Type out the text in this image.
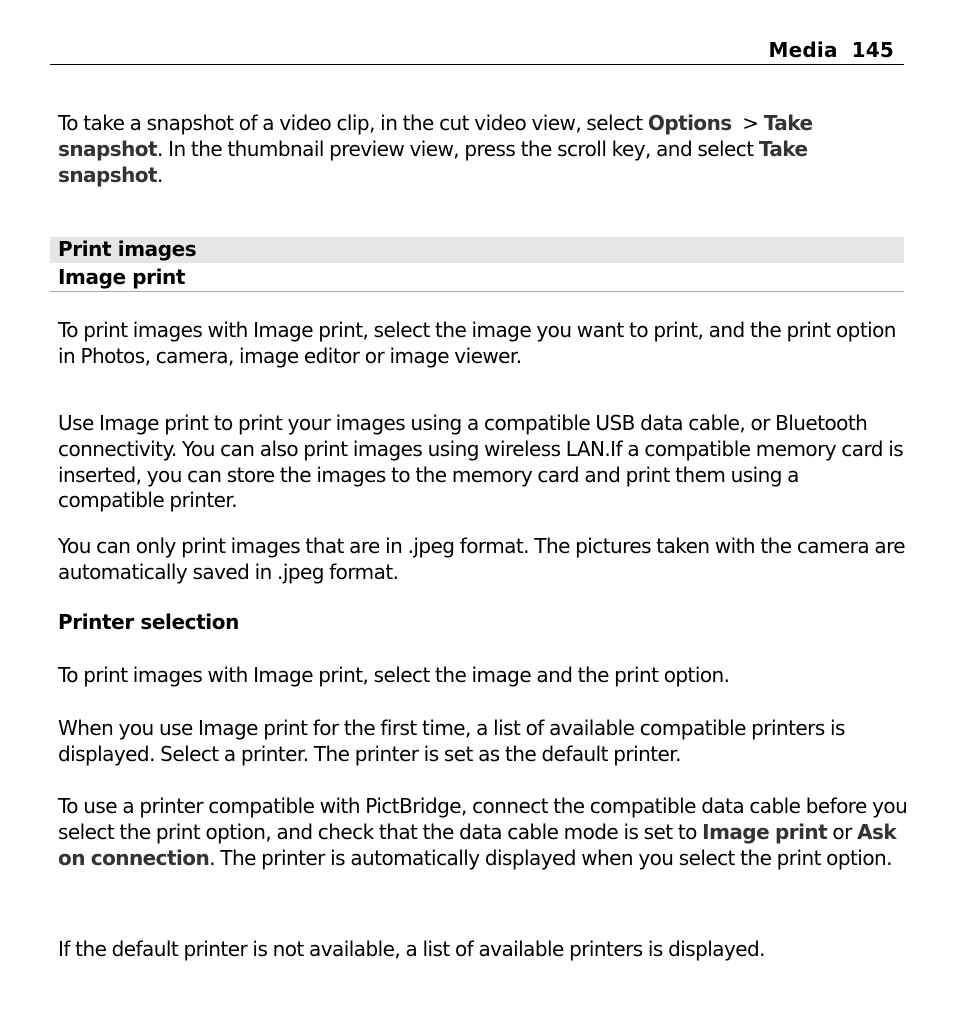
Media 145

To take a snapshot of a video clip, in the cut video view, select Options  > Take snapshot. In the thumbnail preview view, press the scroll key, and select Take snapshot.

Print images
Image print

To print images with Image print, select the image you want to print, and the print option in Photos, camera, image editor or image viewer.

Use Image print to print your images using a compatible USB data cable, or Bluetooth connectivity. You can also print images using wireless LAN.If a compatible memory card is inserted, you can store the images to the memory card and print them using a compatible printer.

You can only print images that are in .jpeg format. The pictures taken with the camera are automatically saved in .jpeg format.

Printer selection

To print images with Image print, select the image and the print option.

When you use Image print for the first time, a list of available compatible printers is displayed. Select a printer. The printer is set as the default printer.

To use a printer compatible with PictBridge, connect the compatible data cable before you select the print option, and check that the data cable mode is set to Image print or Ask on connection. The printer is automatically displayed when you select the print option.

If the default printer is not available, a list of available printers is displayed.
